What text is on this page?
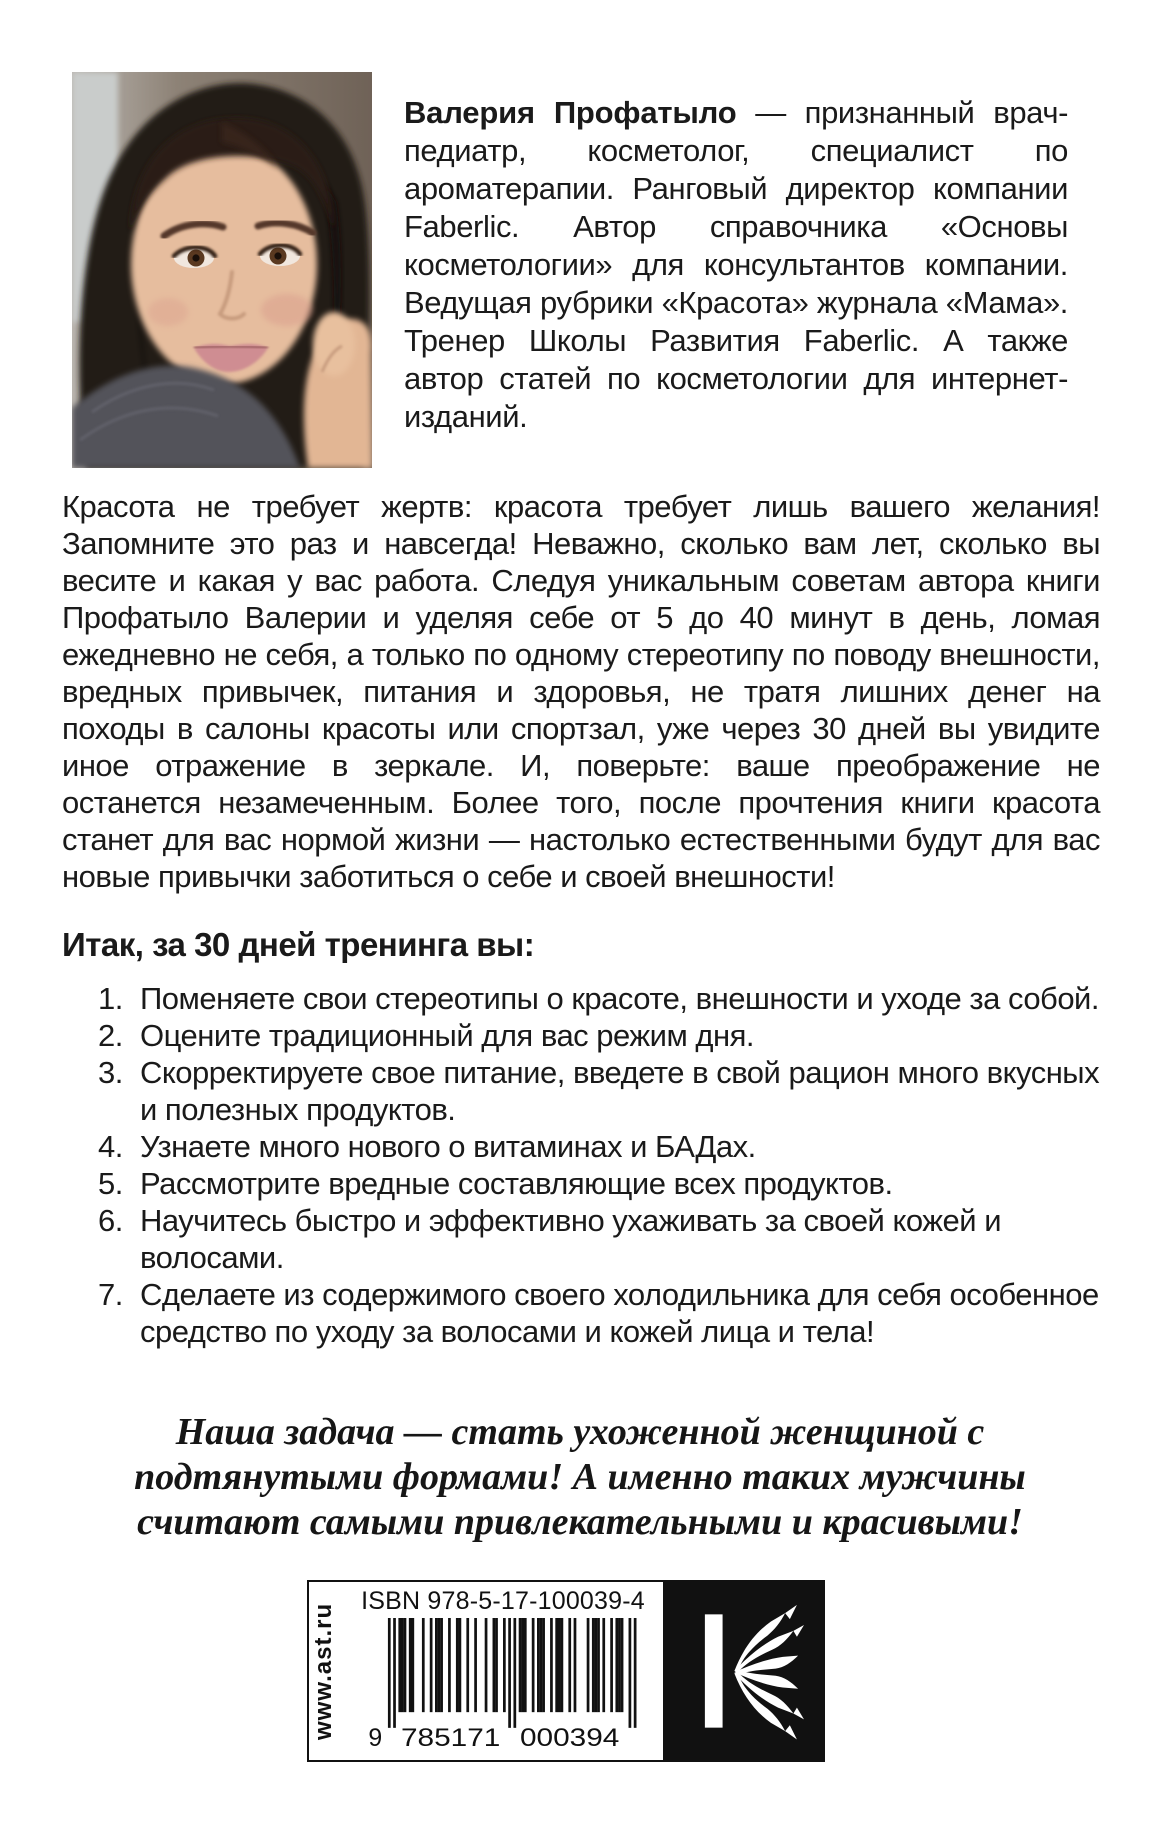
Валерия Профатыло — признанный врач-педиатр, косметолог, специалист по ароматерапии. Ранговый директор компании Faberlic. Автор справочника «Основы косметологии» для консультантов компании. Ведущая рубрики «Красота» журнала «Мама». Тренер Школы Развития Faberlic. А также автор статей по косметологии для интернет-изданий.

Красота не требует жертв: красота требует лишь вашего желания! Запомните это раз и навсегда! Неважно, сколько вам лет, сколько вы весите и какая у вас работа. Следуя уникальным советам автора книги Профатыло Валерии и уделяя себе от 5 до 40 минут в день, ломая ежедневно не себя, а только по одному стереотипу по поводу внешности, вредных привычек, питания и здоровья, не тратя лишних денег на походы в салоны красоты или спортзал, уже через 30 дней вы увидите иное отражение в зеркале. И, поверьте: ваше преображение не останется незамеченным. Более того, после прочтения книги красота станет для вас нормой жизни — настолько естественными будут для вас новые привычки заботиться о себе и своей внешности!

Итак, за 30 дней тренинга вы:
1. Поменяете свои стереотипы о красоте, внешности и уходе за собой.
2. Оцените традиционный для вас режим дня.
3. Скорректируете свое питание, введете в свой рацион много вкусных и полезных продуктов.
4. Узнаете много нового о витаминах и БАДах.
5. Рассмотрите вредные составляющие всех продуктов.
6. Научитесь быстро и эффективно ухаживать за своей кожей и волосами.
7. Сделаете из содержимого своего холодильника для себя особенное средство по уходу за волосами и кожей лица и тела!

Наша задача — стать ухоженной женщиной с подтянутыми формами! А именно таких мужчины считают самыми привлекательными и красивыми!

www.ast.ru
ISBN 978-5-17-100039-4
9 785171 000394
